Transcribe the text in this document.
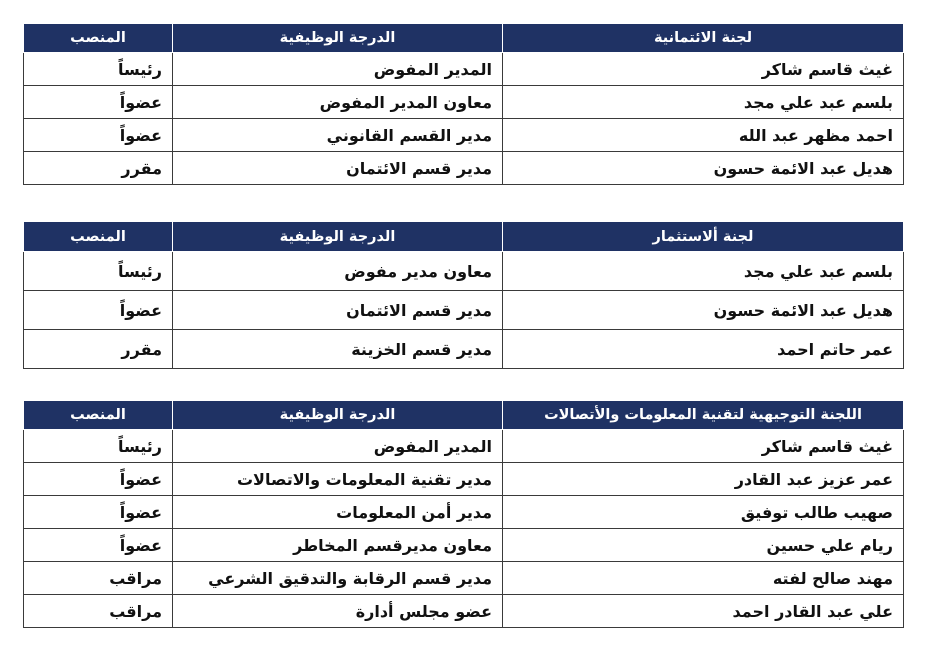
لجنة الائتمانية	الدرجة الوظيفية	المنصب
غيث قاسم شاكر	المدير المفوض	رئيساً
بلسم عبد علي مجد	معاون المدير المفوض	عضواً
احمد مظهر عبد الله	مدير القسم القانوني	عضواً
هديل عبد الائمة حسون	مدير قسم الائتمان	مقرر
لجنة ألاستثمار	الدرجة الوظيفية	المنصب
بلسم عبد علي مجد	معاون مدير مفوض	رئيساً
هديل عبد الائمة حسون	مدير قسم الائتمان	عضواً
عمر حاتم احمد	مدير قسم الخزينة	مقرر
اللجنة التوجيهية لتقنية المعلومات والأتصالات	الدرجة الوظيفية	المنصب
غيث قاسم شاكر	المدير المفوض	رئيساً
عمر عزيز عبد القادر	مدير تقنية المعلومات والاتصالات	عضواً
صهيب طالب توفيق	مدير أمن المعلومات	عضواً
ريام علي حسين	معاون مديرقسم المخاطر	عضواً
مهند صالح لفته	مدير قسم الرقابة والتدقيق الشرعي	مراقب
علي عبد القادر احمد	عضو مجلس أدارة	مراقب
